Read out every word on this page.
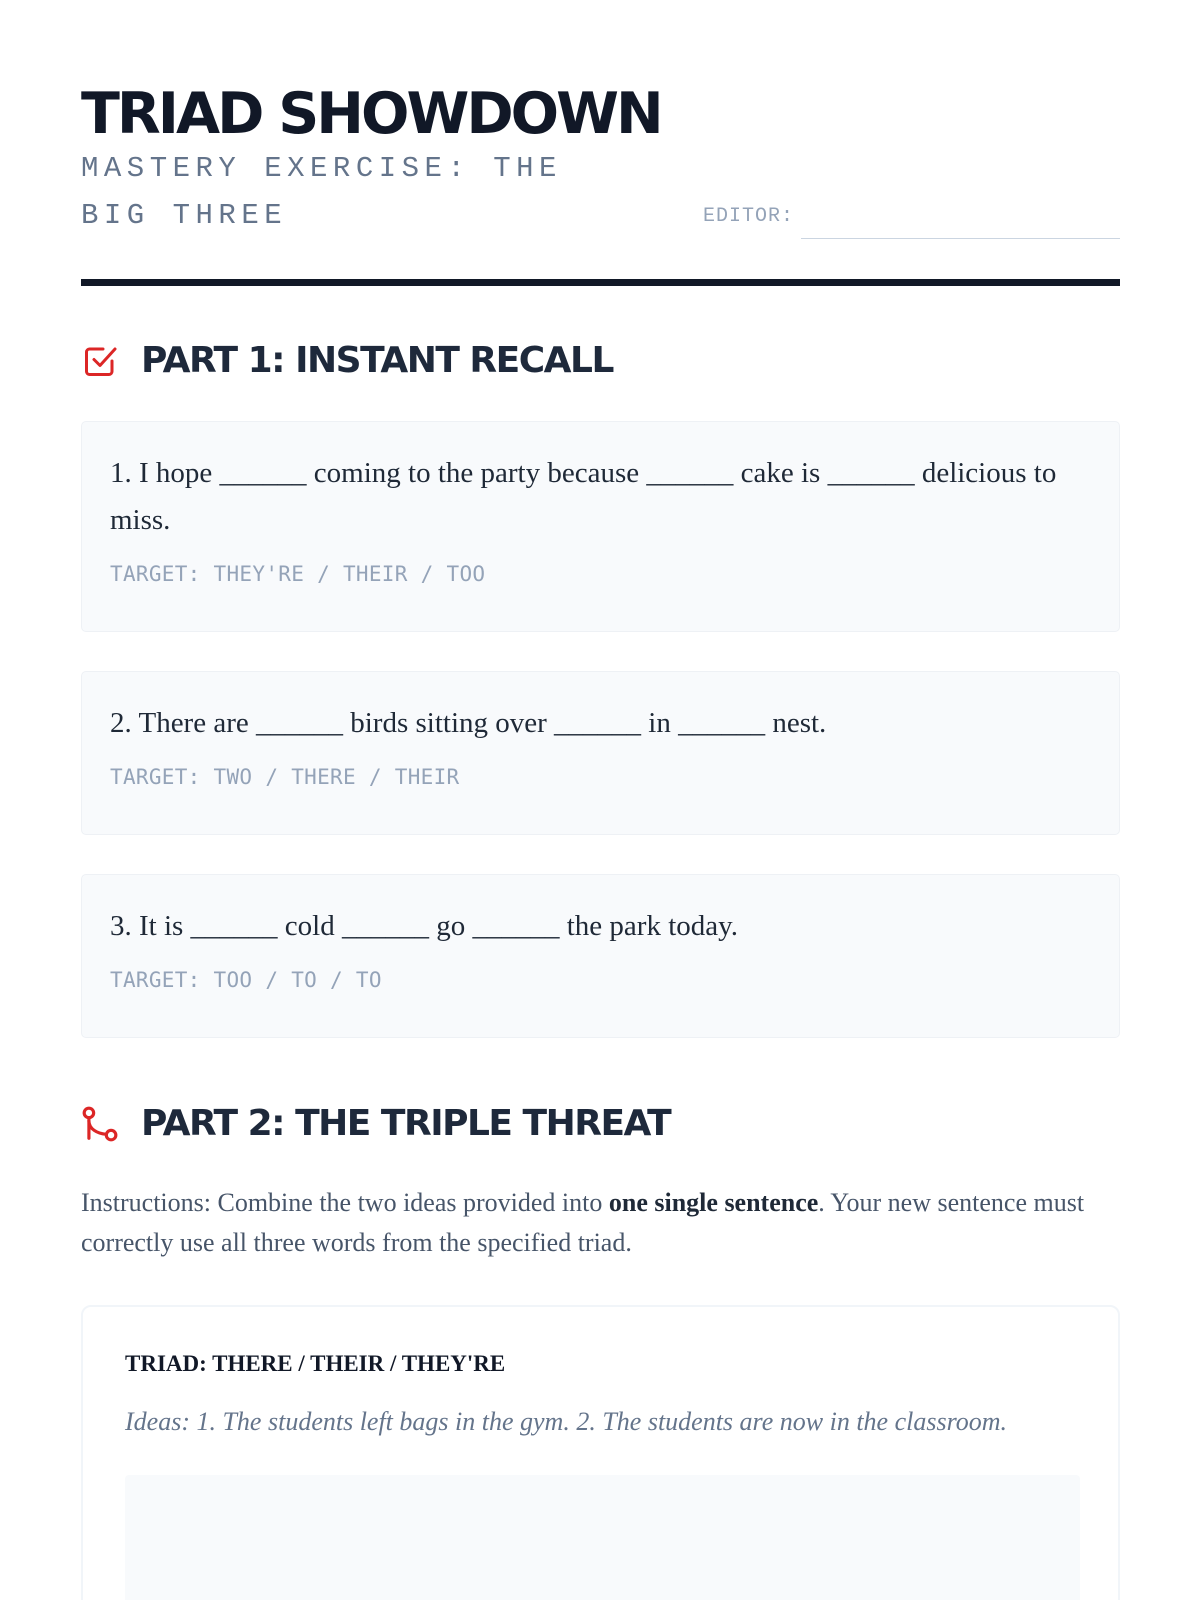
TRIAD SHOWDOWN
MASTERY EXERCISE: THE BIG THREE	EDITOR:
PART 1: INSTANT RECALL
1. I hope ______ coming to the party because ______ cake is ______ delicious to miss.
TARGET: THEY'RE / THEIR / TOO
2. There are ______ birds sitting over ______ in ______ nest.
TARGET: TWO / THERE / THEIR
3. It is ______ cold ______ go ______ the park today.
TARGET: TOO / TO / TO
PART 2: THE TRIPLE THREAT
Instructions: Combine the two ideas provided into one single sentence. Your new sentence must correctly use all three words from the specified triad.
TRIAD: THERE / THEIR / THEY'RE
Ideas: 1. The students left bags in the gym. 2. The students are now in the classroom.
